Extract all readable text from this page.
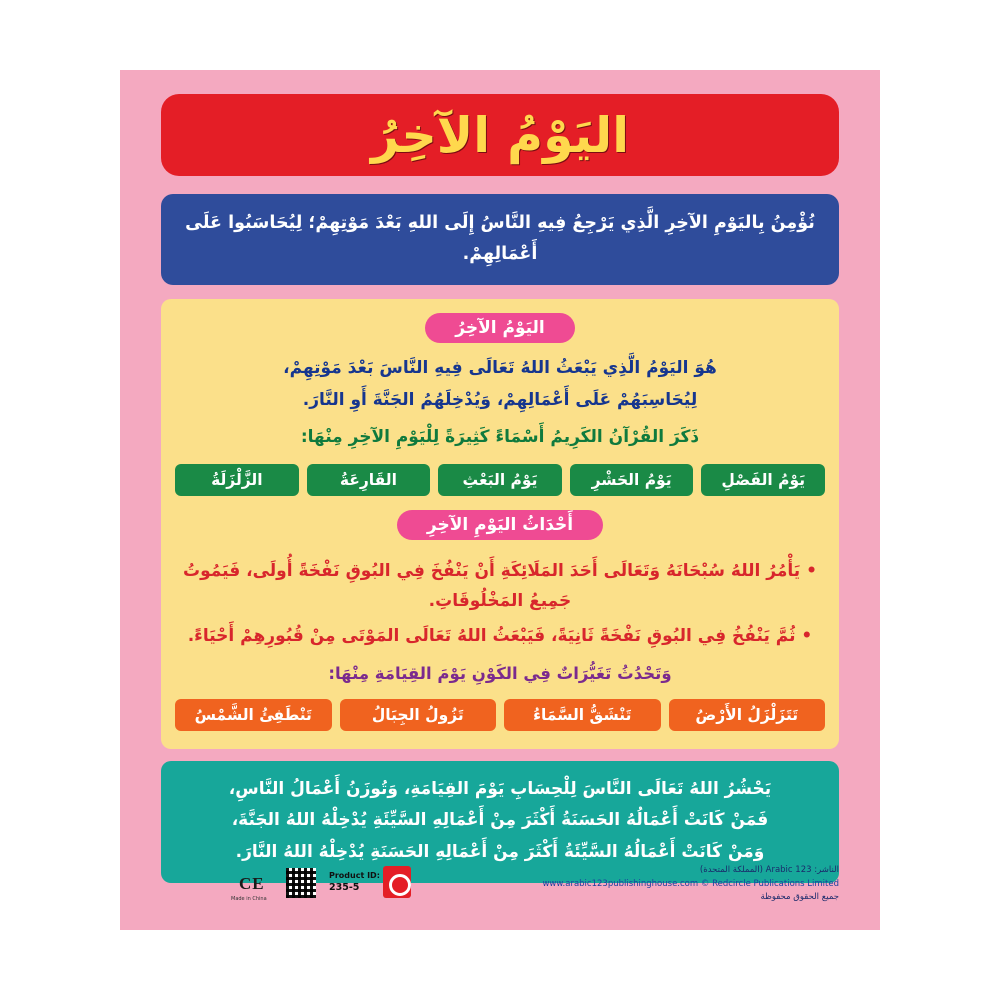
اليَوْمُ الآخِرُ
نُؤْمِنُ بِاليَوْمِ الآخِرِ الَّذِي يَرْجِعُ فِيهِ النَّاسُ إِلَى اللهِ بَعْدَ مَوْتِهِمْ؛ لِيُحَاسَبُوا عَلَى أَعْمَالِهِمْ.
اليَوْمُ الآخِرُ
هُوَ اليَوْمُ الَّذِي يَبْعَثُ اللهُ تَعَالَى فِيهِ النَّاسَ بَعْدَ مَوْتِهِمْ،
لِيُحَاسِبَهُمْ عَلَى أَعْمَالِهِمْ، وَيُدْخِلَهُمُ الجَنَّةَ أَوِ النَّارَ.
ذَكَرَ القُرْآنُ الكَرِيمُ أَسْمَاءً كَثِيرَةً لِلْيَوْمِ الآخِرِ مِنْهَا:
يَوْمُ الفَصْلِ
يَوْمُ الحَشْرِ
يَوْمُ البَعْثِ
القَارِعَةُ
الزَّلْزَلَةُ
أَحْدَاثُ اليَوْمِ الآخِرِ
• يَأْمُرُ اللهُ سُبْحَانَهُ وَتَعَالَى أَحَدَ المَلَائِكَةِ أَنْ يَنْفُخَ فِي البُوقِ نَفْخَةً أُولَى، فَيَمُوتُ جَمِيعُ المَخْلُوقَاتِ.
• ثُمَّ يَنْفُخُ فِي البُوقِ نَفْخَةً ثَانِيَةً، فَيَبْعَثُ اللهُ تَعَالَى المَوْتَى مِنْ قُبُورِهِمْ أَحْيَاءً.
وَتَحْدُثُ تَغَيُّرَاتٌ فِي الكَوْنِ يَوْمَ القِيَامَةِ مِنْهَا:
تَتَزَلْزَلُ الأَرْضُ
تَنْشَقُّ السَّمَاءُ
تَزُولُ الجِبَالُ
تَنْطَفِئُ الشَّمْسُ
يَحْشُرُ اللهُ تَعَالَى النَّاسَ لِلْحِسَابِ يَوْمَ القِيَامَةِ، وَتُوزَنُ أَعْمَالُ النَّاسِ،
فَمَنْ كَانَتْ أَعْمَالُهُ الحَسَنَةُ أَكْثَرَ مِنْ أَعْمَالِهِ السَّيِّئَةِ يُدْخِلْهُ اللهُ الجَنَّةَ،
وَمَنْ كَانَتْ أَعْمَالُهُ السَّيِّئَةُ أَكْثَرَ مِنْ أَعْمَالِهِ الحَسَنَةِ يُدْخِلْهُ اللهُ النَّارَ.
CE
Made in China
Product ID:
235-5
الناشر: Arabic 123 (المملكة المتحدة)
www.arabic123publishinghouse.com © Redcircle Publications Limited
جميع الحقوق محفوظة
